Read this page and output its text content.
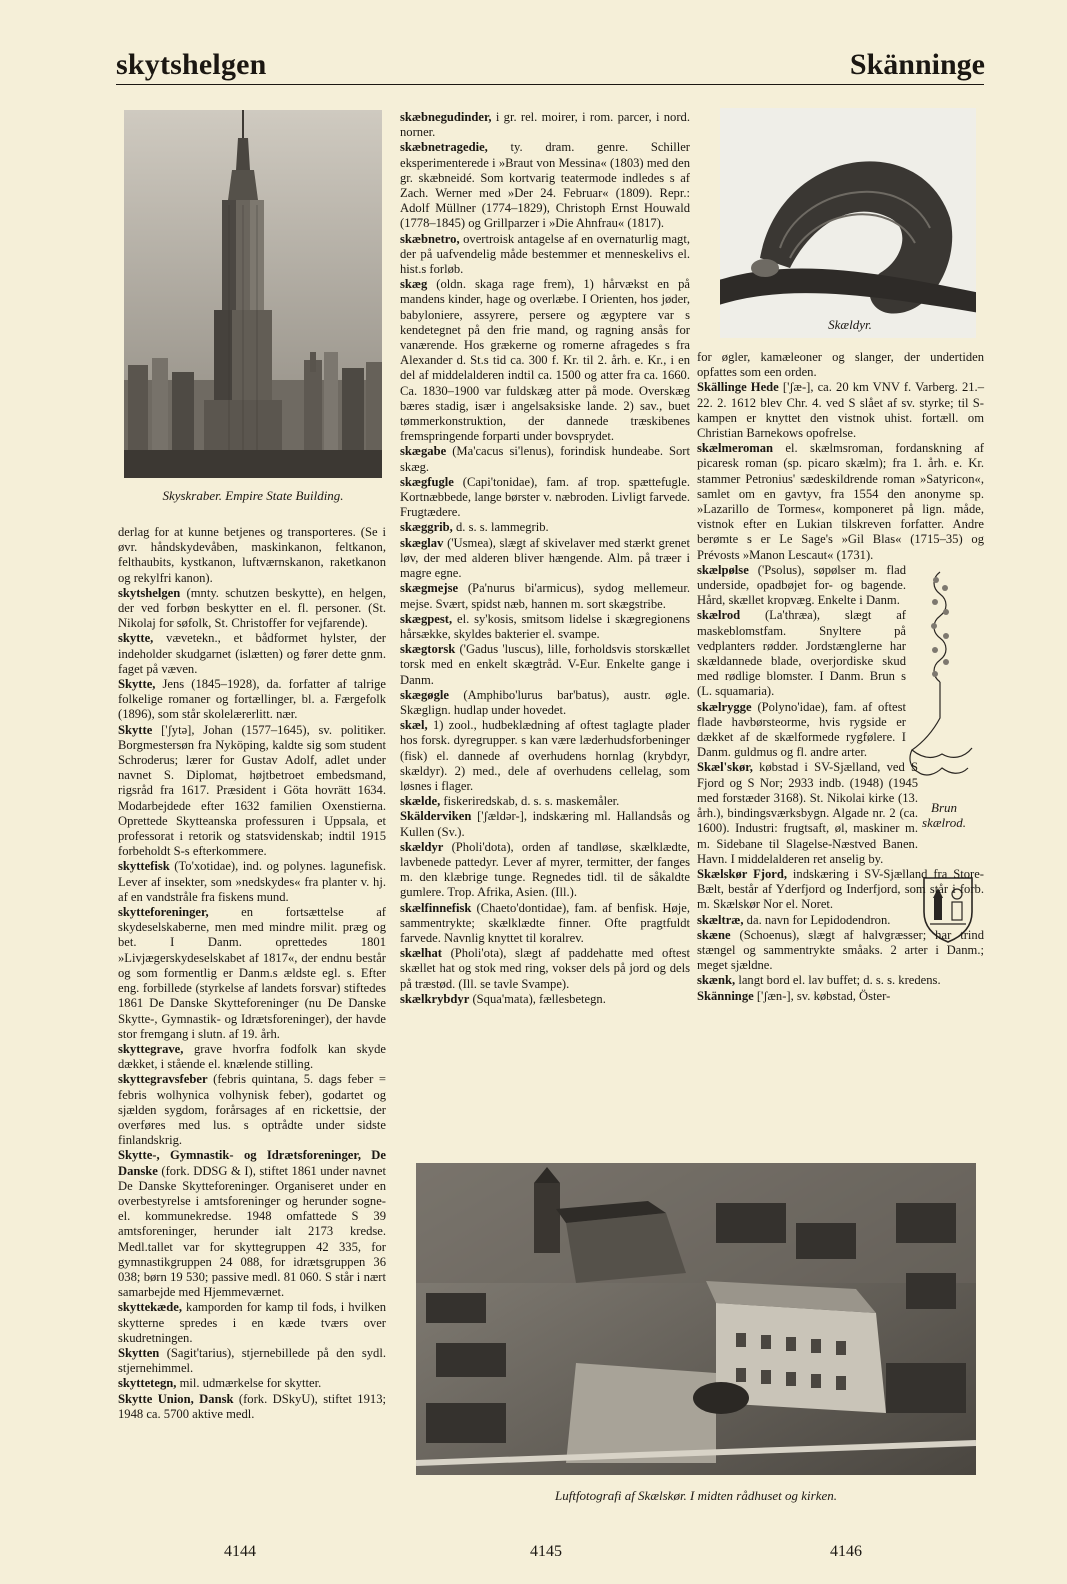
skytshelgen	Skänninge
Skyskraber. Empire State Building.
Skældyr.
Brun
skælrod.
Luftfotografi af Skælskør. I midten rådhuset og kirken.

derlag for at kunne betjenes og transporteres. (Se i øvr. håndskydevåben, maskinkanon, feltkanon, felthaubits, kystkanon, luftværnskanon, raketkanon og rekylfri kanon).

skytshelgen (mnty. schutzen beskytte), en helgen, der ved forbøn beskytter en el. fl. personer. (St. Nikolaj for søfolk, St. Christoffer for vejfarende).

skytte, vævetekn., et bådformet hylster, der indeholder skudgarnet (islætten) og fører dette gnm. faget på væven.

Skytte, Jens (1845–1928), da. forfatter af talrige folkelige romaner og fortællinger, bl. a. Færgefolk (1896), som står skolelærerlitt. nær.

Skytte ['ʃytə], Johan (1577–1645), sv. politiker. Borgmestersøn fra Nyköping, kaldte sig som student Schroderus; lærer for Gustav Adolf, adlet under navnet S. Diplomat, højtbetroet embedsmand, rigsråd fra 1617. Præsident i Göta hovrätt 1634. Modarbejdede efter 1632 familien Oxenstierna. Oprettede Skytteanska professuren i Uppsala, et professorat i retorik og statsvidenskab; indtil 1915 forbeholdt S-s efterkommere.

skyttefisk (To'xotidae), ind. og polynes. lagunefisk. Lever af insekter, som »nedskydes« fra planter v. hj. af en vandstråle fra fiskens mund.

skytteforeninger, en fortsættelse af skydeselskaberne, men med mindre milit. præg og bet. I Danm. oprettedes 1801 »Livjægerskydeselskabet af 1817«, der endnu består og som formentlig er Danm.s ældste egl. s. Efter eng. forbillede (styrkelse af landets forsvar) stiftedes 1861 De Danske Skytteforeninger (nu De Danske Skytte-, Gymnastik- og Idrætsforeninger), der havde stor fremgang i slutn. af 19. årh.

skyttegrave, grave hvorfra fodfolk kan skyde dækket, i stående el. knælende stilling.

skyttegravsfeber (febris quintana, 5. dags feber = febris wolhynica volhynisk feber), godartet og sjælden sygdom, forårsages af en rickettsie, der overføres med lus. s optrådte under sidste finlandskrig.

Skytte-, Gymnastik- og Idrætsforeninger, De Danske (fork. DDSG & I), stiftet 1861 under navnet De Danske Skytteforeninger. Organiseret under en overbestyrelse i amtsforeninger og herunder sogne- el. kommunekredse. 1948 omfattede S 39 amtsforeninger, herunder ialt 2173 kredse. Medl.tallet var for skyttegruppen 42 335, for gymnastikgruppen 24 088, for idrætsgruppen 36 038; børn 19 530; passive medl. 81 060. S står i nært samarbejde med Hjemmeværnet.

skyttekæde, kamporden for kamp til fods, i hvilken skytterne spredes i en kæde tværs over skudretningen.

Skytten (Sagit'tarius), stjernebillede på den sydl. stjernehimmel.

skyttetegn, mil. udmærkelse for skytter.

Skytte Union, Dansk (fork. DSkyU), stiftet 1913; 1948 ca. 5700 aktive medl.

skæbnegudinder, i gr. rel. moirer, i rom. parcer, i nord. norner.

skæbnetragedie, ty. dram. genre. Schiller eksperimenterede i »Braut von Messina« (1803) med den gr. skæbneidé. Som kortvarig teatermode indledes s af Zach. Werner med »Der 24. Februar« (1809). Repr.: Adolf Müllner (1774–1829), Christoph Ernst Houwald (1778–1845) og Grillparzer i »Die Ahnfrau« (1817).

skæbnetro, overtroisk antagelse af en overnaturlig magt, der på uafvendelig måde bestemmer et menneskelivs el. hist.s forløb.

skæg (oldn. skaga rage frem), 1) hårvækst en på mandens kinder, hage og overlæbe. I Orienten, hos jøder, babyloniere, assyrere, persere og ægyptere var s kendetegnet på den frie mand, og ragning ansås for vanærende. Hos grækerne og romerne afragedes s fra Alexander d. St.s tid ca. 300 f. Kr. til 2. årh. e. Kr., i en del af middelalderen indtil ca. 1500 og atter fra ca. 1660. Ca. 1830–1900 var fuldskæg atter på mode. Overskæg bæres stadig, især i angelsaksiske lande. 2) sav., buet tømmerkonstruktion, der dannede træskibenes fremspringende forparti under bovsprydet.

skægabe (Ma'cacus si'lenus), forindisk hundeabe. Sort skæg.

skægfugle (Capi'tonidae), fam. af trop. spættefugle. Kortnæbbede, lange børster v. næbroden. Livligt farvede. Frugtædere.

skæggrib, d. s. s. lammegrib.

skæglav ('Usmea), slægt af skivelaver med stærkt grenet løv, der med alderen bliver hængende. Alm. på træer i magre egne.

skægmejse (Pa'nurus bi'armicus), sydog mellemeur. mejse. Svært, spidst næb, hannen m. sort skægstribe.

skægpest, el. sy'kosis, smitsom lidelse i skægregionens hårsække, skyldes bakterier el. svampe.

skægtorsk ('Gadus 'luscus), lille, forholdsvis storskællet torsk med en enkelt skægtråd. V-Eur. Enkelte gange i Danm.

skægøgle (Amphibo'lurus bar'batus), austr. øgle. Skæglign. hudlap under hovedet.

skæl, 1) zool., hudbeklædning af oftest taglagte plader hos forsk. dyregrupper. s kan være læderhudsforbeninger (fisk) el. dannede af overhudens hornlag (krybdyr, skældyr). 2) med., dele af overhudens cellelag, som løsnes i flager.

skælde, fiskeriredskab, d. s. s. maskemåler.

Skälderviken ['ʃældər-], indskæring ml. Hallandsås og Kullen (Sv.).

skældyr (Pholi'dota), orden af tandløse, skælklædte, lavbenede pattedyr. Lever af myrer, termitter, der fanges m. den klæbrige tunge. Regnedes tidl. til de såkaldte gumlere. Trop. Afrika, Asien. (Ill.).

skælfinnefisk (Chaeto'dontidae), fam. af benfisk. Høje, sammentrykte; skælklædte finner. Ofte pragtfuldt farvede. Navnlig knyttet til koralrev.

skælhat (Pholi'ota), slægt af paddehatte med oftest skællet hat og stok med ring, vokser dels på jord og dels på træstød. (Ill. se tavle Svampe).

skælkrybdyr (Squa'mata), fællesbetegn.

for øgler, kamæleoner og slanger, der undertiden opfattes som een orden.

Skällinge Hede ['ʃæ-], ca. 20 km VNV f. Varberg. 21.–22. 2. 1612 blev Chr. 4. ved S slået af sv. styrke; til S-kampen er knyttet den vistnok uhist. fortæll. om Christian Barnekows opofrelse.

skælmeroman el. skælmsroman, fordanskning af picaresk roman (sp. picaro skælm); fra 1. årh. e. Kr. stammer Petronius' sædeskildrende roman »Satyricon«, samlet om en gavtyv, fra 1554 den anonyme sp. »Lazarillo de Tormes«, komponeret på lign. måde, vistnok efter en Lukian tilskreven forfatter. Andre berømte s er Le Sage's »Gil Blas« (1715–35) og Prévosts »Manon Lescaut« (1731).

skælpølse ('Psolus), søpølser m. flad underside, opadbøjet for- og bagende. Hård, skællet kropvæg. Enkelte i Danm.

skælrod (La'thræa), slægt af maskeblomstfam. Snyltere på vedplanters rødder. Jordstænglerne har skældannede blade, overjordiske skud med rødlige blomster. I Danm. Brun s (L. squamaria).

skælrygge (Polyno'idae), fam. af oftest flade havbørsteorme, hvis rygside er dækket af de skælformede rygfølere. I Danm. guldmus og fl. andre arter.

Skæl'skør, købstad i SV-Sjælland, ved S Fjord og S Nor; 2933 indb. (1948) (1945 med forstæder 3168). St. Nikolai kirke (13. årh.), bindingsværksbygn. Algade nr. 2 (ca. 1600). Industri: frugtsaft, øl, maskiner m. m. Sidebane til Slagelse-Næstved Banen. Havn. I middelalderen ret anselig by.

Skælskør Fjord, indskæring i SV-Sjælland fra Store-Bælt, består af Yderfjord og Inderfjord, som står i forb. m. Skælskør Nor el. Noret.

skæltræ, da. navn for Lepidodendron.

skæne (Schoenus), slægt af halvgræsser; har trind stængel og sammentrykte småaks. 2 arter i Danm.; meget sjældne.

skænk, langt bord el. lav buffet; d. s. s. kredens.

Skänninge ['ʃæn-], sv. købstad, Öster-

4144	4145	4146
